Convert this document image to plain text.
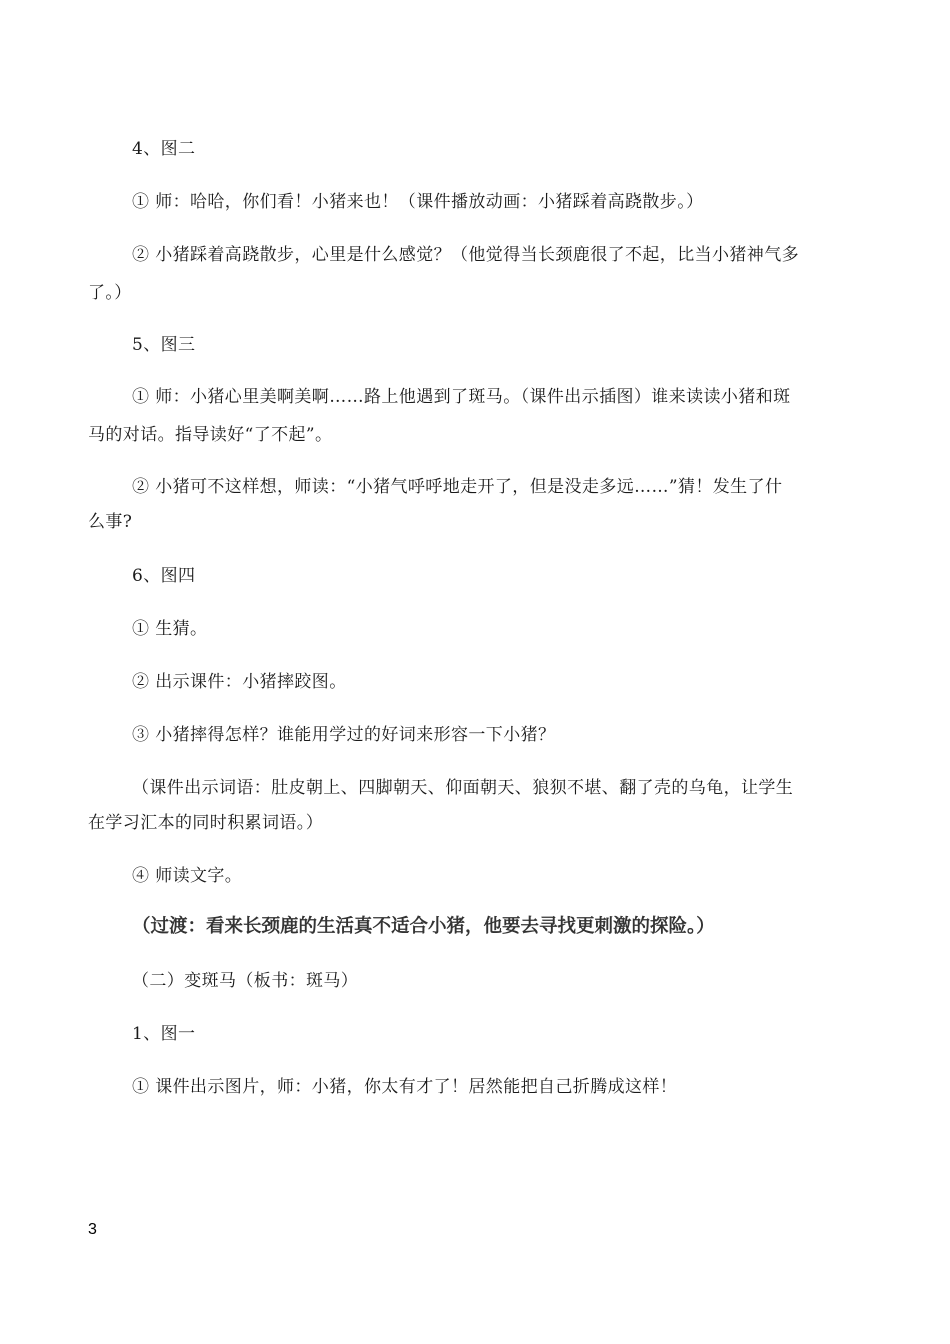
4、图二
① 师：哈哈，你们看！小猪来也！（课件播放动画：小猪踩着高跷散步。）
② 小猪踩着高跷散步，心里是什么感觉？（他觉得当长颈鹿很了不起，比当小猪神气多
了。）
5、图三
① 师：小猪心里美啊美啊……路上他遇到了斑马。（课件出示插图）谁来读读小猪和斑
马的对话。指导读好“了不起”。
② 小猪可不这样想，师读：“小猪气呼呼地走开了，但是没走多远……”猜！发生了什
么事?
6、图四
① 生猜。
② 出示课件：小猪摔跤图。
③ 小猪摔得怎样？谁能用学过的好词来形容一下小猪？
（课件出示词语：肚皮朝上、四脚朝天、仰面朝天、狼狈不堪、翻了壳的乌龟，让学生
在学习汇本的同时积累词语。）
④ 师读文字。
（过渡：看来长颈鹿的生活真不适合小猪，他要去寻找更刺激的探险。）
（二）变斑马（板书：斑马）
1、图一
① 课件出示图片，师：小猪，你太有才了！居然能把自己折腾成这样！
3
